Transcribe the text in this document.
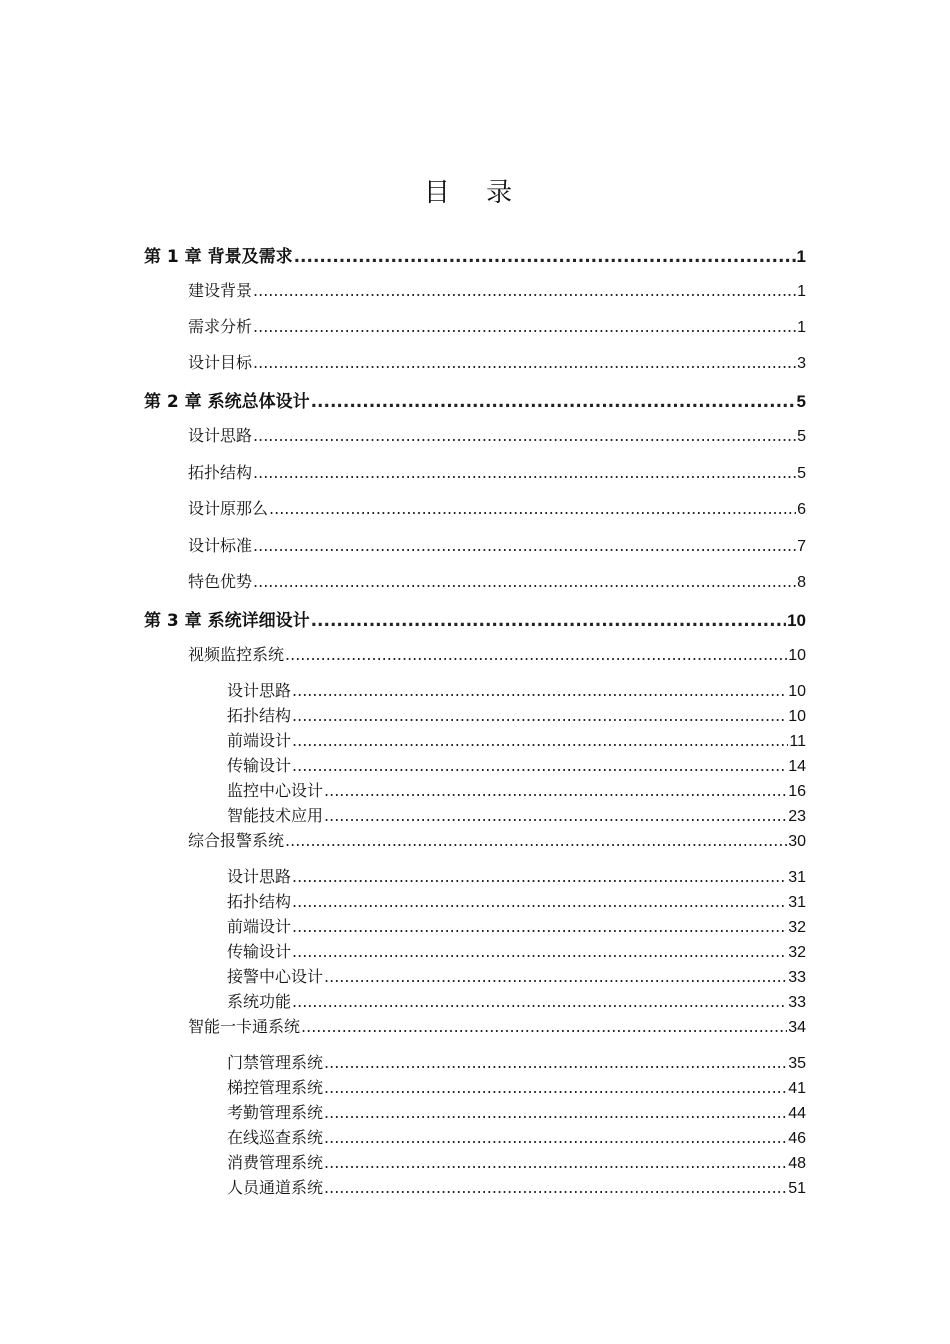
目 录
第 1 章 背景及需求 .....	1
建设背景 .....	1
需求分析 .....	1
设计目标 .....	3
第 2 章 系统总体设计 .....	5
设计思路 .....	5
拓扑结构 .....	5
设计原那么 .....	6
设计标准 .....	7
特色优势 .....	8
第 3 章 系统详细设计 .....	10
视频监控系统 .....	10
设计思路 .....	10
拓扑结构 .....	10
前端设计 .....	11
传输设计 .....	14
监控中心设计 .....	16
智能技术应用 .....	23
综合报警系统 .....	30
设计思路 .....	31
拓扑结构 .....	31
前端设计 .....	32
传输设计 .....	32
接警中心设计 .....	33
系统功能 .....	33
智能一卡通系统 .....	34
门禁管理系统 .....	35
梯控管理系统 .....	41
考勤管理系统 .....	44
在线巡查系统 .....	46
消费管理系统 .....	48
人员通道系统 .....	51
